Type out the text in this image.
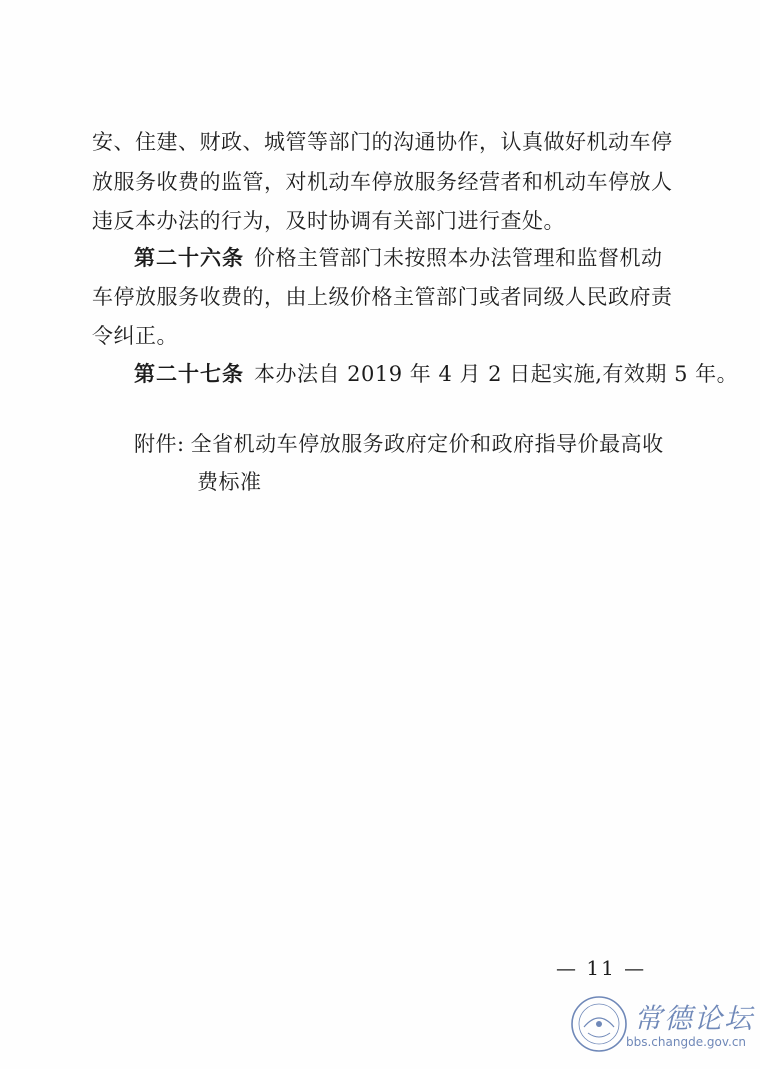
安、住建、财政、城管等部门的沟通协作，认真做好机动车停
放服务收费的监管，对机动车停放服务经营者和机动车停放人
违反本办法的行为，及时协调有关部门进行查处。
第二十六条 价格主管部门未按照本办法管理和监督机动
车停放服务收费的，由上级价格主管部门或者同级人民政府责
令纠正。
第二十七条 本办法自 2019 年 4 月 2 日起实施,有效期 5 年。
附件: 全省机动车停放服务政府定价和政府指导价最高收
费标准
— 11 —
常德论坛
bbs.changde.gov.cn
